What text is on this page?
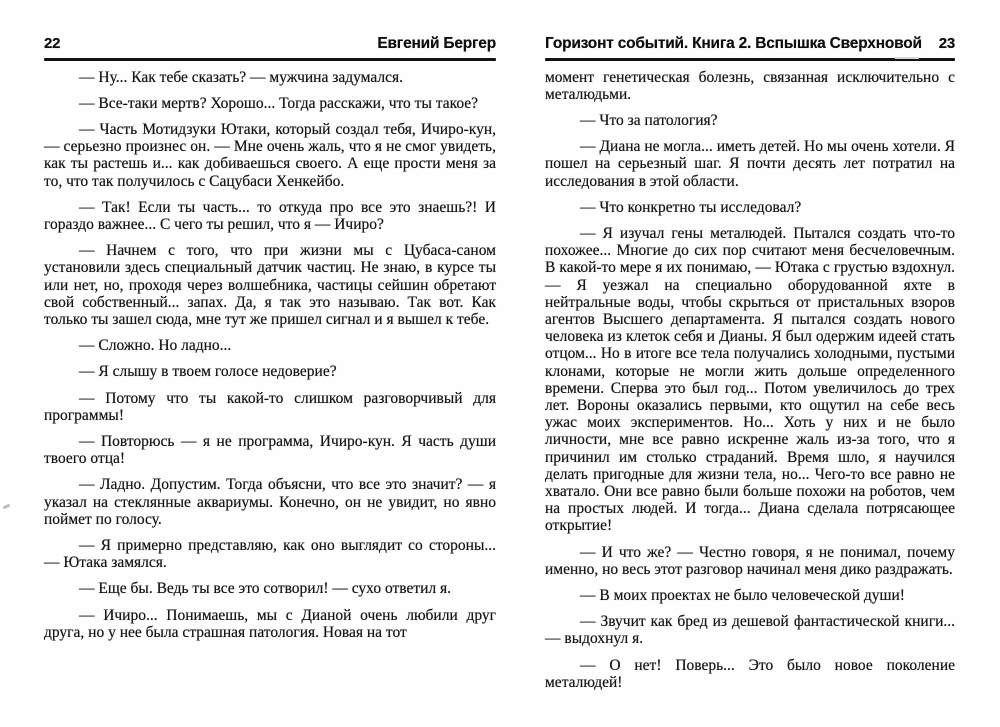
22	Евгений Бергер

— Ну... Как тебе сказать? — мужчина задумался.

— Все-таки мертв? Хорошо... Тогда расскажи, что ты такое?

— Часть Мотидзуки Ютаки, который создал тебя, Ичиро-кун, — серьезно произнес он. — Мне очень жаль, что я не смог увидеть, как ты растешь и... как добиваешься своего. А еще прости меня за то, что так получилось с Сацубаси Хенкейбо.

— Так! Если ты часть... то откуда про все это знаешь?! И гораздо важнее... С чего ты решил, что я — Ичиро?

— Начнем с того, что при жизни мы с Цубаса-саном установили здесь специальный датчик частиц. Не знаю, в курсе ты или нет, но, проходя через волшебника, частицы сейшин обретают свой собственный... запах. Да, я так это называю. Так вот. Как только ты зашел сюда, мне тут же пришел сигнал и я вышел к тебе.

— Сложно. Но ладно...

— Я слышу в твоем голосе недоверие?

— Потому что ты какой-то слишком разговорчивый для программы!

— Повторюсь — я не программа, Ичиро-кун. Я часть души твоего отца!

— Ладно. Допустим. Тогда объясни, что все это значит? — я указал на стеклянные аквариумы. Конечно, он не увидит, но явно поймет по голосу.

— Я примерно представляю, как оно выглядит со стороны... — Ютака замялся.

— Еще бы. Ведь ты все это сотворил! — сухо ответил я.

— Ичиро... Понимаешь, мы с Дианой очень любили друг друга, но у нее была страшная патология. Новая на тот

Горизонт событий. Книга 2. Вспышка Сверхновой 23

момент генетическая болезнь, связанная исключительно с металюдьми.

— Что за патология?

— Диана не могла... иметь детей. Но мы очень хотели. Я пошел на серьезный шаг. Я почти десять лет потратил на исследования в этой области.

— Что конкретно ты исследовал?

— Я изучал гены металюдей. Пытался создать что-то похожее... Многие до сих пор считают меня бесчеловечным. В какой-то мере я их понимаю, — Ютака с грустью вздохнул. — Я уезжал на специально оборудованной яхте в нейтральные воды, чтобы скрыться от пристальных взоров агентов Высшего департамента. Я пытался создать нового человека из клеток себя и Дианы. Я был одержим идеей стать отцом... Но в итоге все тела получались холодными, пустыми клонами, которые не могли жить дольше определенного времени. Сперва это был год... Потом увеличилось до трех лет. Вороны оказались первыми, кто ощутил на себе весь ужас моих экспериментов. Но... Хоть у них и не было личности, мне все равно искренне жаль из-за того, что я причинил им столько страданий. Время шло, я научился делать пригодные для жизни тела, но... Чего-то все равно не хватало. Они все равно были больше похожи на роботов, чем на простых людей. И тогда... Диана сделала потрясающее открытие!

— И что же? — Честно говоря, я не понимал, почему именно, но весь этот разговор начинал меня дико раздражать.

— В моих проектах не было человеческой души!

— Звучит как бред из дешевой фантастической книги... — выдохнул я.

— О нет! Поверь... Это было новое поколение металюдей!
